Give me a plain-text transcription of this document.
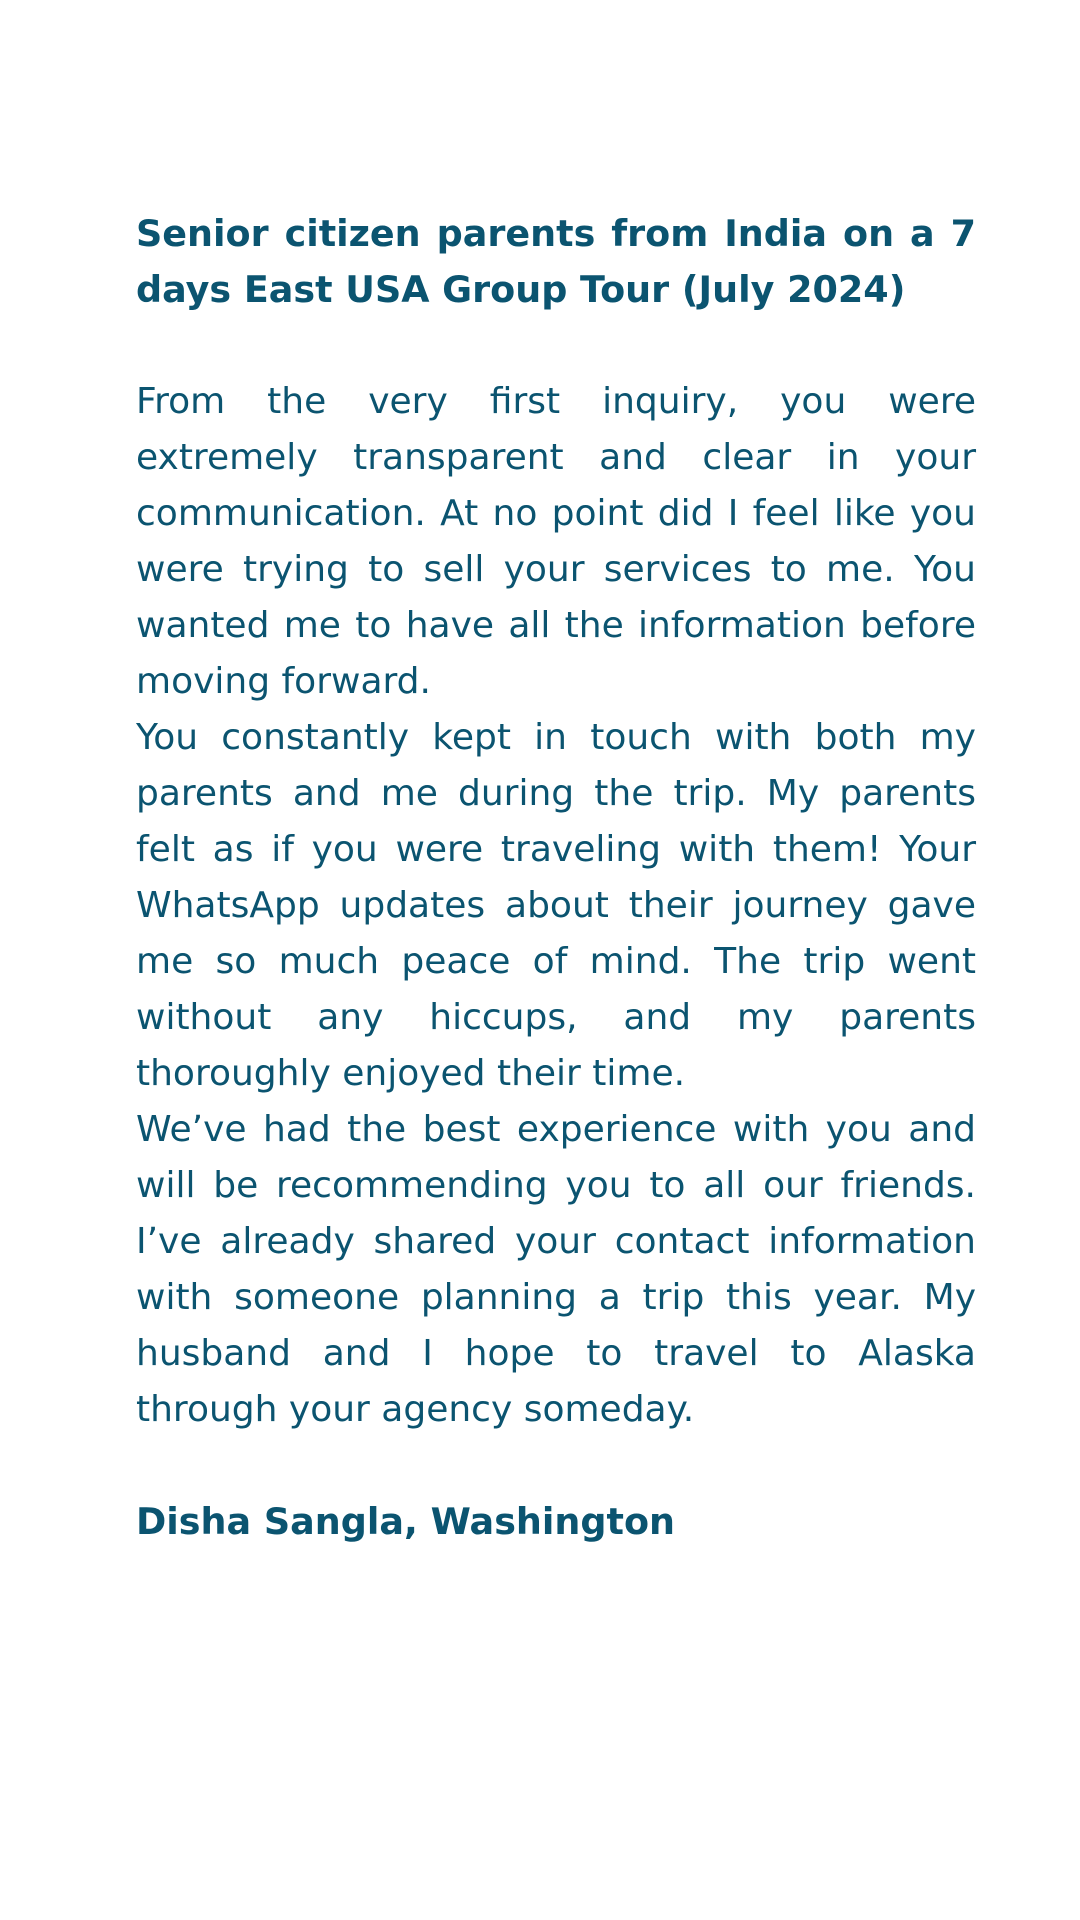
Senior citizen parents from India on a 7 days East USA Group Tour (July 2024)

From the very first inquiry, you were extremely transparent and clear in your communication. At no point did I feel like you were trying to sell your services to me. You wanted me to have all the information before moving forward.

You constantly kept in touch with both my parents and me during the trip. My parents felt as if you were traveling with them! Your WhatsApp updates about their journey gave me so much peace of mind. The trip went without any hiccups, and my parents thoroughly enjoyed their time.

We’ve had the best experience with you and will be recommending you to all our friends. I’ve already shared your contact information with someone planning a trip this year. My husband and I hope to travel to Alaska through your agency someday.

Disha Sangla, Washington
